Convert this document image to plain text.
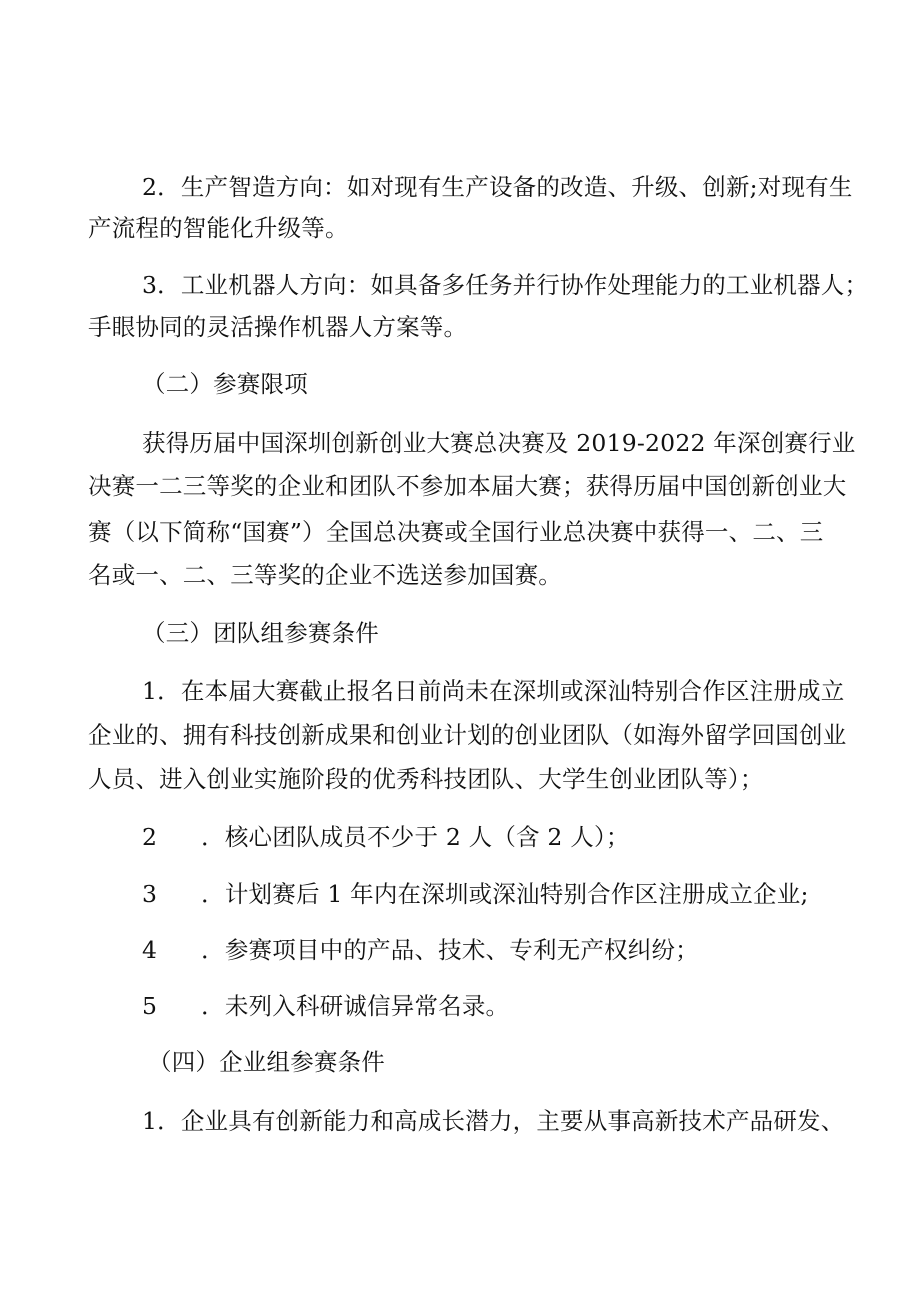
2．生产智造方向：如对现有生产设备的改造、升级、创新;对现有生
产流程的智能化升级等。
3．工业机器人方向：如具备多任务并行协作处理能力的工业机器人；
手眼协同的灵活操作机器人方案等。
（二）参赛限项
获得历届中国深圳创新创业大赛总决赛及 2019-2022 年深创赛行业
决赛一二三等奖的企业和团队不参加本届大赛；获得历届中国创新创业大
赛（以下简称“国赛”）全国总决赛或全国行业总决赛中获得一、二、三
名或一、二、三等奖的企业不选送参加国赛。
（三）团队组参赛条件
1．在本届大赛截止报名日前尚未在深圳或深汕特别合作区注册成立
企业的、拥有科技创新成果和创业计划的创业团队（如海外留学回国创业
人员、进入创业实施阶段的优秀科技团队、大学生创业团队等）；
2 ．核心团队成员不少于 2 人（含 2 人）；
3 ．计划赛后 1 年内在深圳或深汕特别合作区注册成立企业;
4 ．参赛项目中的产品、技术、专利无产权纠纷；
5 ．未列入科研诚信异常名录。
（四）企业组参赛条件
1．企业具有创新能力和高成长潜力，主要从事高新技术产品研发、
